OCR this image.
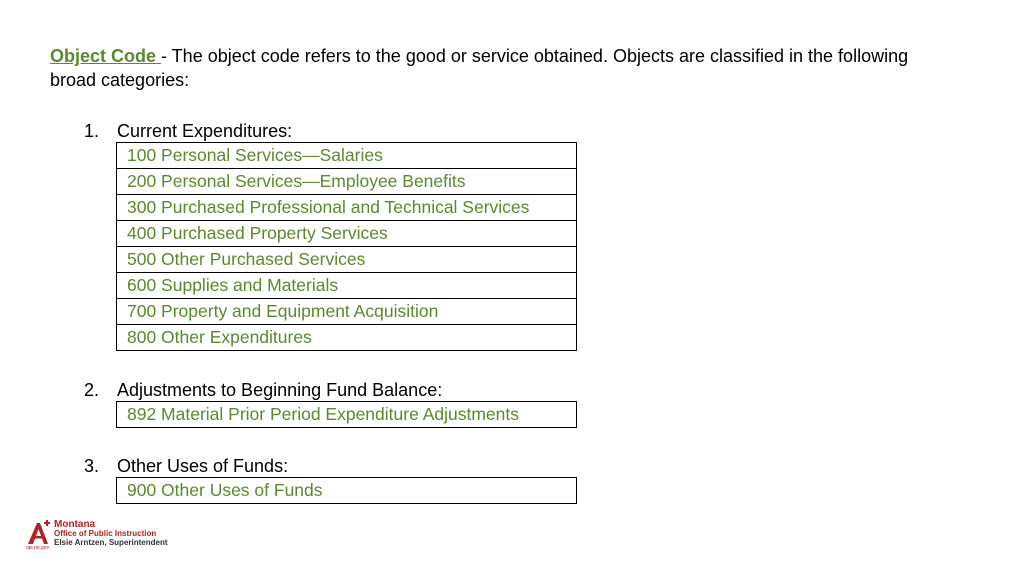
Object Code - The object code refers to the good or service obtained. Objects are classified in the following broad categories:
1. Current Expenditures:
100 Personal Services—Salaries
200 Personal Services—Employee Benefits
300 Purchased Professional and Technical Services
400 Purchased Property Services
500 Other Purchased Services
600 Supplies and Materials
700 Property and Equipment Acquisition
800 Other Expenditures
2. Adjustments to Beginning Fund Balance:
892 Material Prior Period Expenditure Adjustments
3. Other Uses of Funds:
900 Other Uses of Funds
opi.mt.gov
Montana
Office of Public Instruction
Elsie Arntzen, Superintendent
